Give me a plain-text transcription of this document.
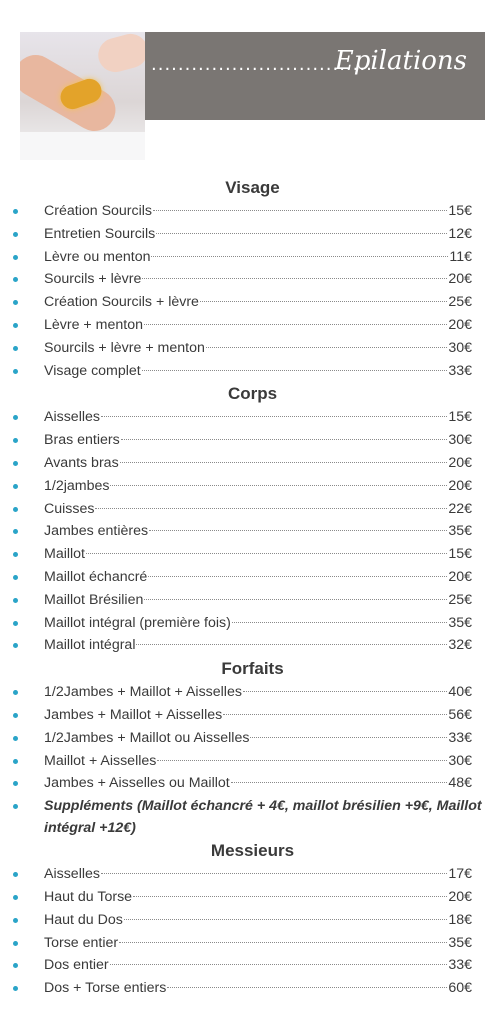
.................................
Epilations
Visage
Création Sourcils	15€
Entretien Sourcils	12€
Lèvre ou menton	11€
Sourcils + lèvre	20€
Création Sourcils + lèvre	25€
Lèvre + menton	20€
Sourcils + lèvre + menton	30€
Visage complet	33€
Corps
Aisselles	15€
Bras entiers	30€
Avants bras	20€
1/2jambes	20€
Cuisses	22€
Jambes entières	35€
Maillot	15€
Maillot échancré	20€
Maillot Brésilien	25€
Maillot intégral (première fois)	35€
Maillot intégral	32€
Forfaits
1/2Jambes + Maillot + Aisselles	40€
Jambes + Maillot + Aisselles	56€
1/2Jambes + Maillot ou Aisselles	33€
Maillot + Aisselles	30€
Jambes + Aisselles ou Maillot	48€
Suppléments (Maillot échancré + 4€, maillot brésilien +9€, Maillot intégral +12€)
Messieurs
Aisselles	17€
Haut du Torse	20€
Haut du Dos	18€
Torse entier	35€
Dos entier	33€
Dos + Torse entiers	60€
